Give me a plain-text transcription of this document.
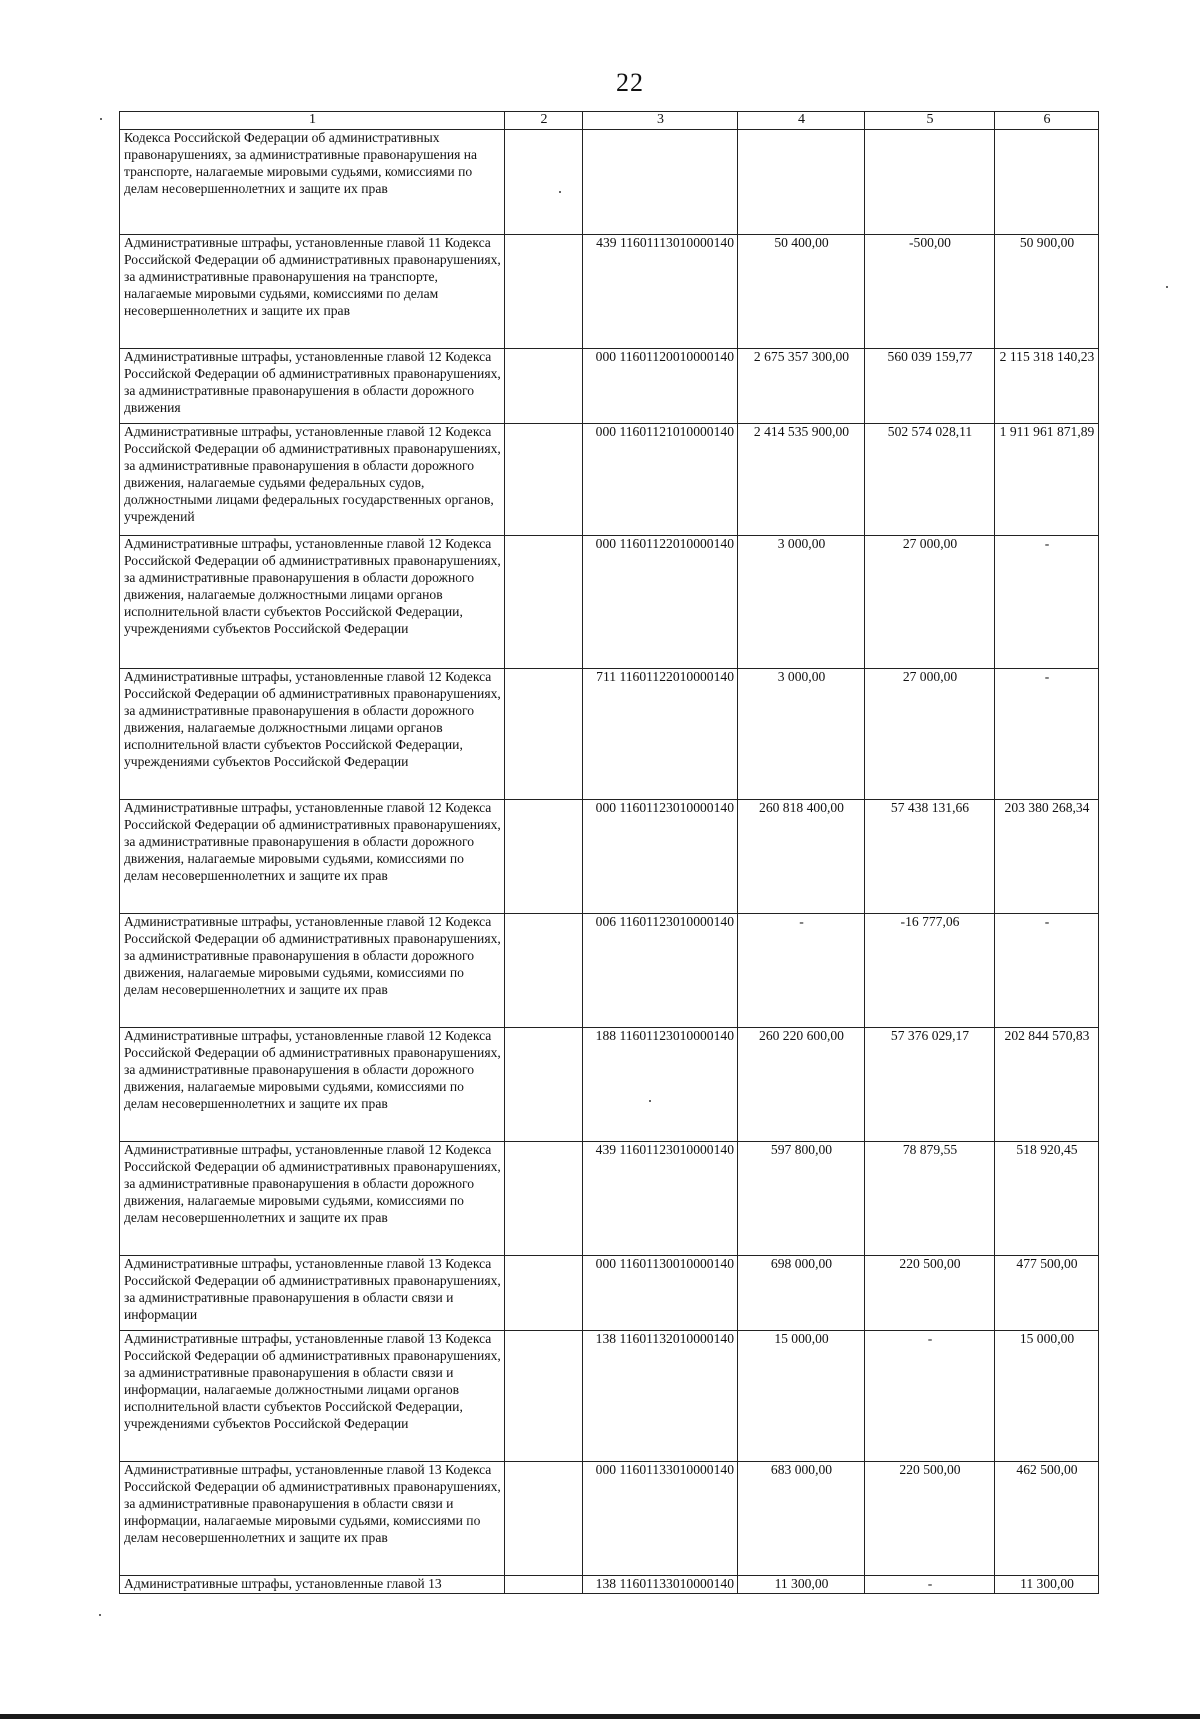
22
1	2	3	4	5	6
Кодекса Российской Федерации об административных правонарушениях, за административные правонарушения на транспорте, налагаемые мировыми судьями, комиссиями по делам несовершеннолетних и защите их прав					
Административные штрафы, установленные главой 11 Кодекса Российской Федерации об административных правонарушениях, за административные правонарушения на транспорте, налагаемые мировыми судьями, комиссиями по делам несовершеннолетних и защите их прав		439 11601113010000140	50 400,00	-500,00	50 900,00
Административные штрафы, установленные главой 12 Кодекса Российской Федерации об административных правонарушениях, за административные правонарушения в области дорожного движения		000 11601120010000140	2 675 357 300,00	560 039 159,77	2 115 318 140,23
Административные штрафы, установленные главой 12 Кодекса Российской Федерации об административных правонарушениях, за административные правонарушения в области дорожного движения, налагаемые судьями федеральных судов, должностными лицами федеральных государственных органов, учреждений		000 11601121010000140	2 414 535 900,00	502 574 028,11	1 911 961 871,89
Административные штрафы, установленные главой 12 Кодекса Российской Федерации об административных правонарушениях, за административные правонарушения в области дорожного движения, налагаемые должностными лицами органов исполнительной власти субъектов Российской Федерации, учреждениями субъектов Российской Федерации		000 11601122010000140	3 000,00	27 000,00	-
Административные штрафы, установленные главой 12 Кодекса Российской Федерации об административных правонарушениях, за административные правонарушения в области дорожного движения, налагаемые должностными лицами органов исполнительной власти субъектов Российской Федерации, учреждениями субъектов Российской Федерации		711 11601122010000140	3 000,00	27 000,00	-
Административные штрафы, установленные главой 12 Кодекса Российской Федерации об административных правонарушениях, за административные правонарушения в области дорожного движения, налагаемые мировыми судьями, комиссиями по делам несовершеннолетних и защите их прав		000 11601123010000140	260 818 400,00	57 438 131,66	203 380 268,34
Административные штрафы, установленные главой 12 Кодекса Российской Федерации об административных правонарушениях, за административные правонарушения в области дорожного движения, налагаемые мировыми судьями, комиссиями по делам несовершеннолетних и защите их прав		006 11601123010000140	-	-16 777,06	-
Административные штрафы, установленные главой 12 Кодекса Российской Федерации об административных правонарушениях, за административные правонарушения в области дорожного движения, налагаемые мировыми судьями, комиссиями по делам несовершеннолетних и защите их прав		188 11601123010000140	260 220 600,00	57 376 029,17	202 844 570,83
Административные штрафы, установленные главой 12 Кодекса Российской Федерации об административных правонарушениях, за административные правонарушения в области дорожного движения, налагаемые мировыми судьями, комиссиями по делам несовершеннолетних и защите их прав		439 11601123010000140	597 800,00	78 879,55	518 920,45
Административные штрафы, установленные главой 13 Кодекса Российской Федерации об административных правонарушениях, за административные правонарушения в области связи и информации		000 11601130010000140	698 000,00	220 500,00	477 500,00
Административные штрафы, установленные главой 13 Кодекса Российской Федерации об административных правонарушениях, за административные правонарушения в области связи и информации, налагаемые должностными лицами органов исполнительной власти субъектов Российской Федерации, учреждениями субъектов Российской Федерации		138 11601132010000140	15 000,00	-	15 000,00
Административные штрафы, установленные главой 13 Кодекса Российской Федерации об административных правонарушениях, за административные правонарушения в области связи и информации, налагаемые мировыми судьями, комиссиями по делам несовершеннолетних и защите их прав		000 11601133010000140	683 000,00	220 500,00	462 500,00
Административные штрафы, установленные главой 13		138 11601133010000140	11 300,00	-	11 300,00
